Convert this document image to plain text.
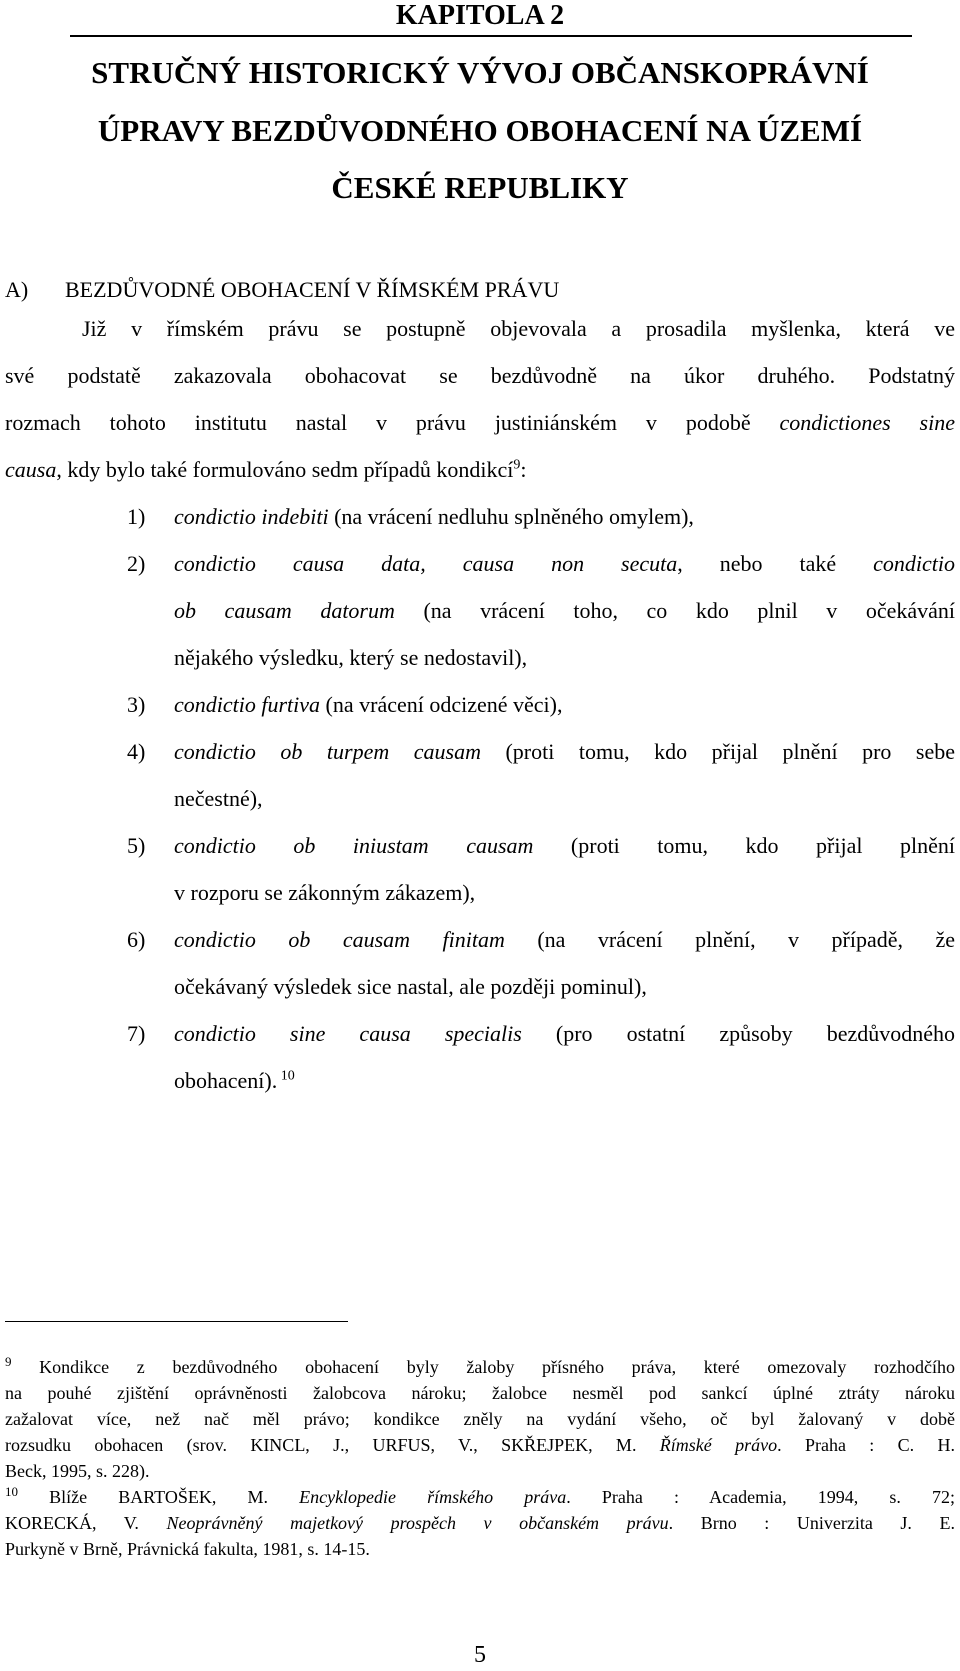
KAPITOLA 2
STRUČNÝ HISTORICKÝ VÝVOJ OBČANSKOPRÁVNÍ
ÚPRAVY BEZDŮVODNÉHO OBOHACENÍ NA ÚZEMÍ
ČESKÉ REPUBLIKY
A) BEZDŮVODNÉ OBOHACENÍ V ŘÍMSKÉM PRÁVU

Již v římském právu se postupně objevovala a prosadila myšlenka, která ve

své podstatě zakazovala obohacovat se bezdůvodně na úkor druhého. Podstatný

rozmach tohoto institutu nastal v právu justiniánském v podobě condictiones sine

causa, kdy bylo také formulováno sedm případů kondikcí$^9$:

1) condictio indebiti (na vrácení nedluhu splněného omylem),
2) condictio causa data, causa non secuta, nebo také condictio
ob causam datorum (na vrácení toho, co kdo plnil v očekávání
nějakého výsledku, který se nedostavil),
3) condictio furtiva (na vrácení odcizené věci),
4) condictio ob turpem causam (proti tomu, kdo přijal plnění pro sebe
nečestné),
5) condictio ob iniustam causam (proti tomu, kdo přijal plnění
v rozporu se zákonným zákazem),
6) condictio ob causam finitam (na vrácení plnění, v případě, že
očekávaný výsledek sice nastal, ale později pominul),
7) condictio sine causa specialis (pro ostatní způsoby bezdůvodného
obohacení). $^{10}$

$^9$ Kondikce z bezdůvodného obohacení byly žaloby přísného práva, které omezovaly rozhodčího

na pouhé zjištění oprávněnosti žalobcova nároku; žalobce nesměl pod sankcí úplné ztráty nároku

zažalovat více, než nač měl právo; kondikce zněly na vydání všeho, oč byl žalovaný v době

rozsudku obohacen (srov. KINCL, J., URFUS, V., SKŘEJPEK, M. Římské právo. Praha : C. H.

Beck, 1995, s. 228).

$^{10}$ Blíže BARTOŠEK, M. Encyklopedie římského práva. Praha : Academia, 1994, s. 72;

KORECKÁ, V. Neoprávněný majetkový prospěch v občanském právu. Brno : Univerzita J. E.

Purkyně v Brně, Právnická fakulta, 1981, s. 14-15.

5
